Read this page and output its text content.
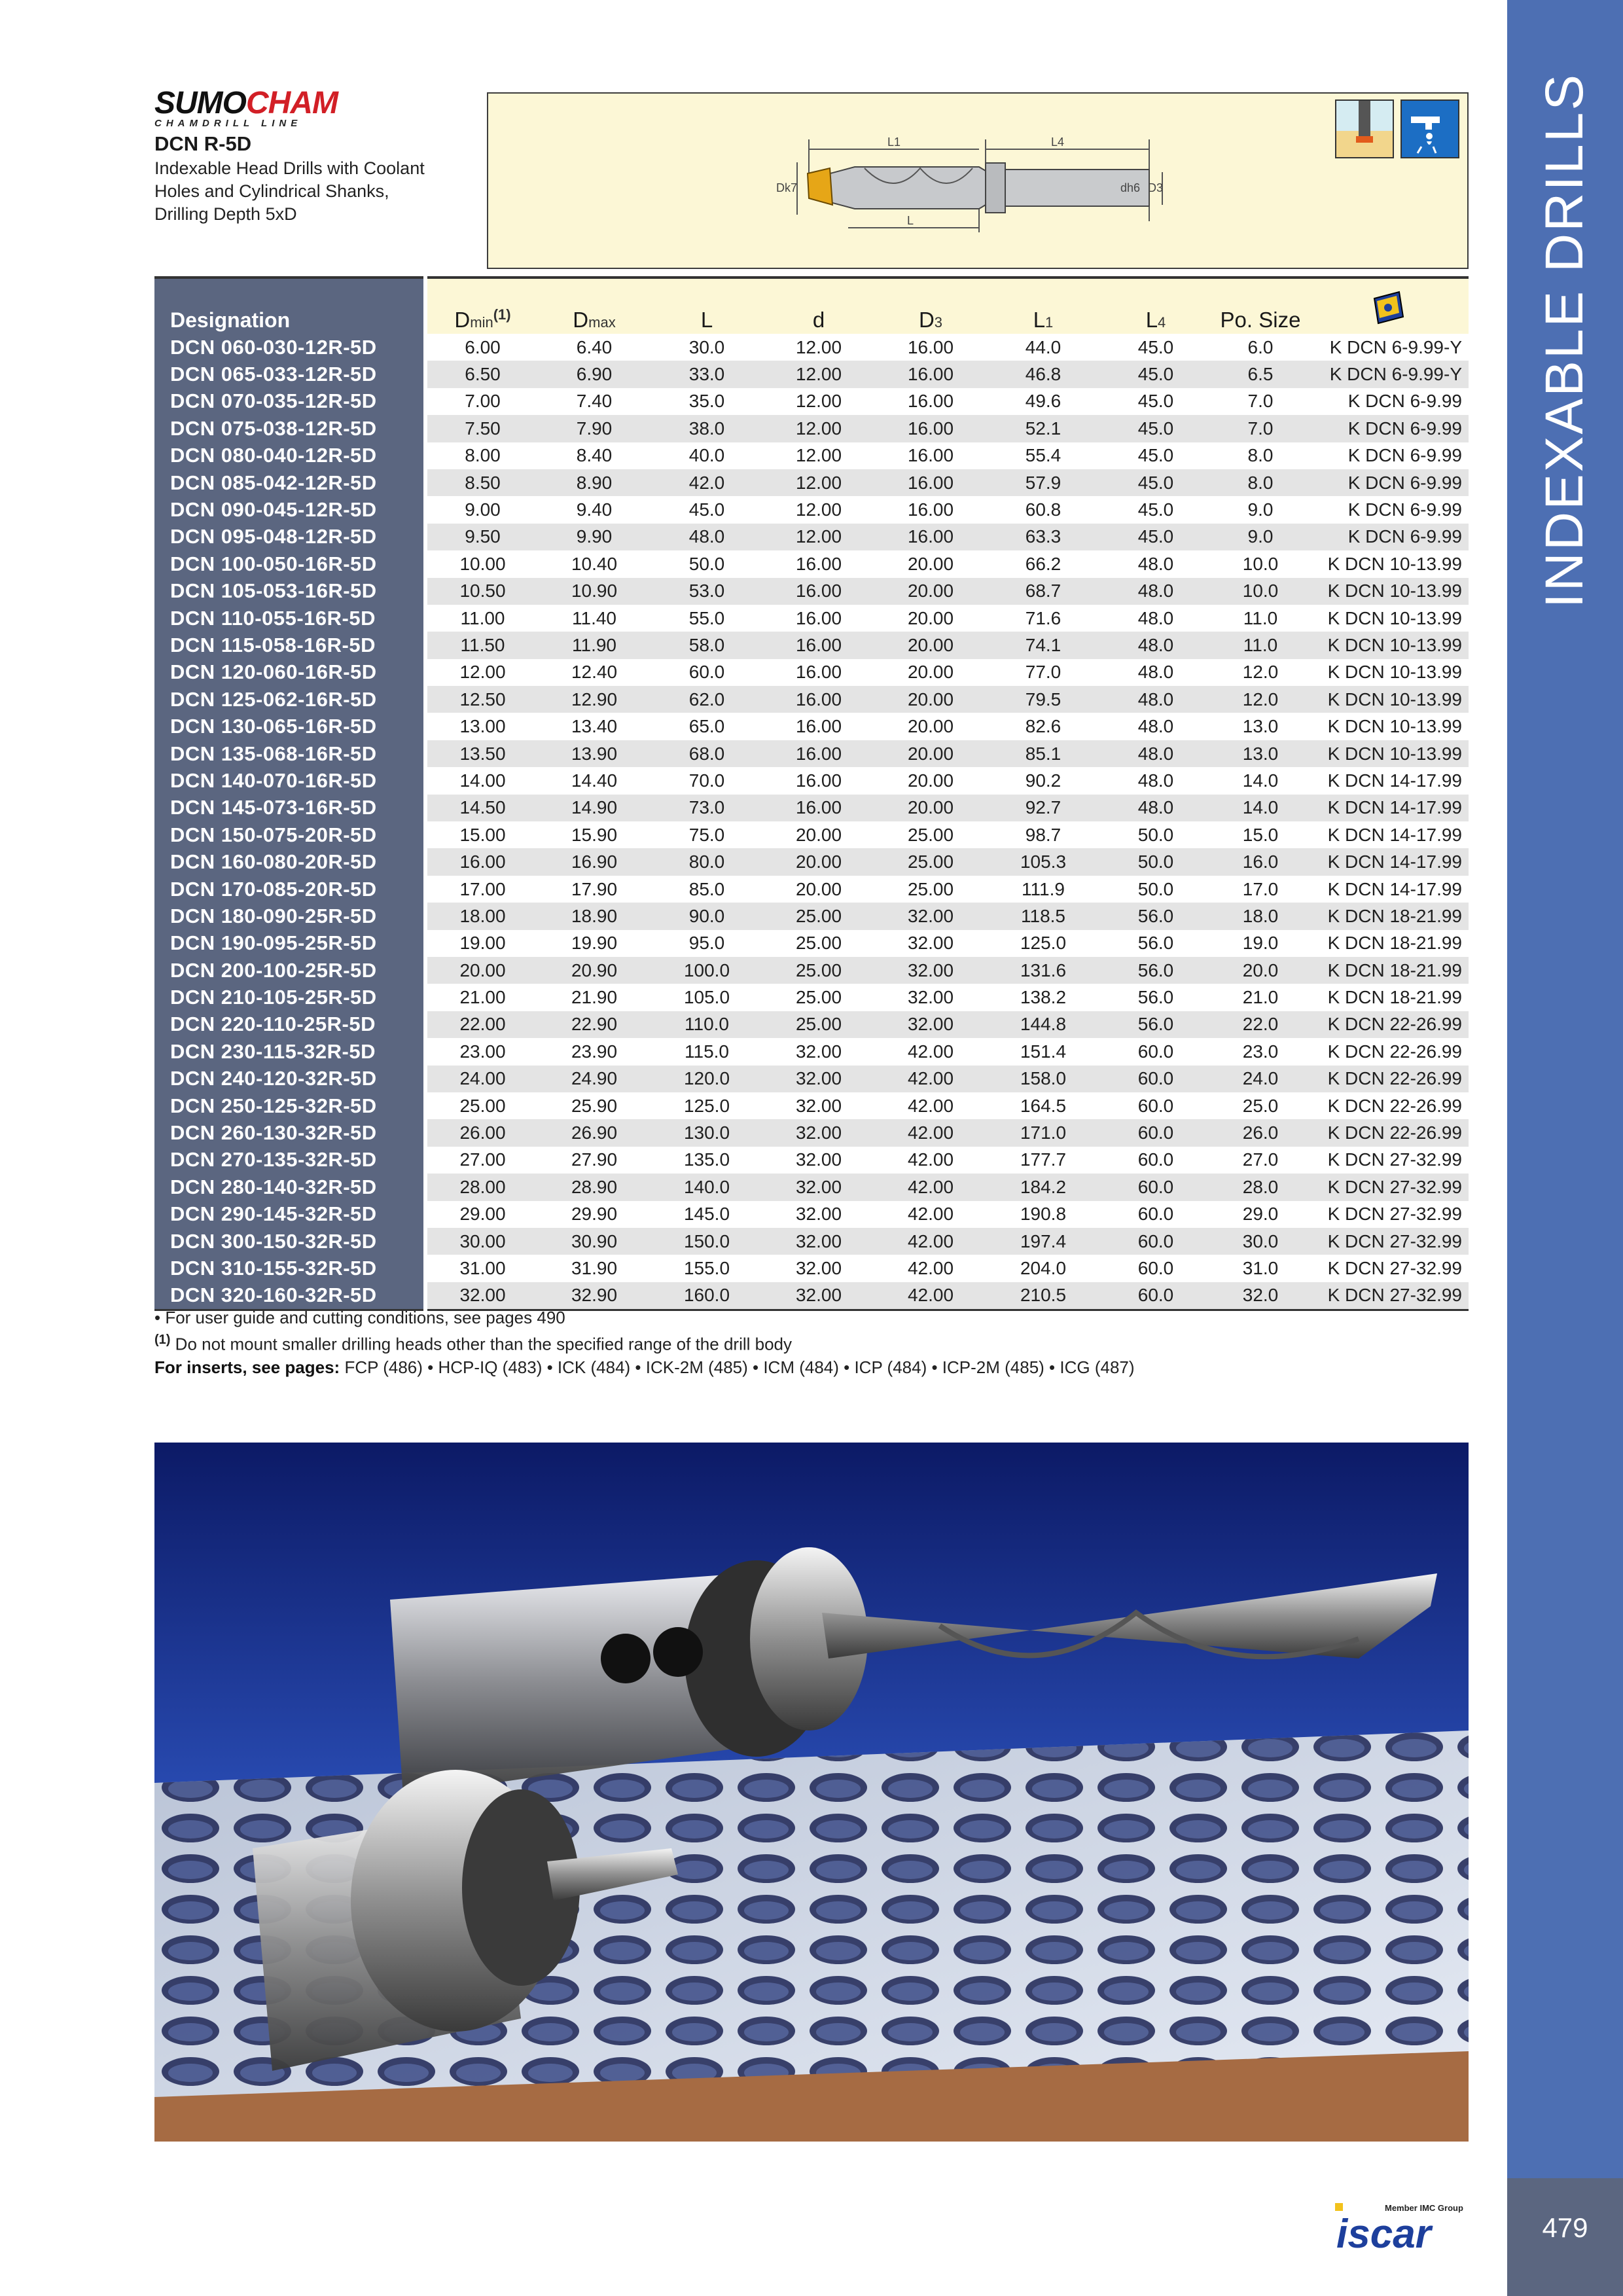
INDEXABLE DRILLS
479
SUMOCHAM
CHAMDRILL LINE
DCN R-5D
Indexable Head Drills with Coolant Holes and Cylindrical Shanks, Drilling Depth 5xD
L1	L4
L
Dk7	dh6 D3
Designation	Dmin$^{(1)}$	Dmax	L	d	D3	L1	L4	Po. Size	
DCN 060-030-12R-5D	6.00	6.40	30.0	12.00	16.00	44.0	45.0	6.0	K DCN 6-9.99-Y
DCN 065-033-12R-5D	6.50	6.90	33.0	12.00	16.00	46.8	45.0	6.5	K DCN 6-9.99-Y
DCN 070-035-12R-5D	7.00	7.40	35.0	12.00	16.00	49.6	45.0	7.0	K DCN 6-9.99
DCN 075-038-12R-5D	7.50	7.90	38.0	12.00	16.00	52.1	45.0	7.0	K DCN 6-9.99
DCN 080-040-12R-5D	8.00	8.40	40.0	12.00	16.00	55.4	45.0	8.0	K DCN 6-9.99
DCN 085-042-12R-5D	8.50	8.90	42.0	12.00	16.00	57.9	45.0	8.0	K DCN 6-9.99
DCN 090-045-12R-5D	9.00	9.40	45.0	12.00	16.00	60.8	45.0	9.0	K DCN 6-9.99
DCN 095-048-12R-5D	9.50	9.90	48.0	12.00	16.00	63.3	45.0	9.0	K DCN 6-9.99
DCN 100-050-16R-5D	10.00	10.40	50.0	16.00	20.00	66.2	48.0	10.0	K DCN 10-13.99
DCN 105-053-16R-5D	10.50	10.90	53.0	16.00	20.00	68.7	48.0	10.0	K DCN 10-13.99
DCN 110-055-16R-5D	11.00	11.40	55.0	16.00	20.00	71.6	48.0	11.0	K DCN 10-13.99
DCN 115-058-16R-5D	11.50	11.90	58.0	16.00	20.00	74.1	48.0	11.0	K DCN 10-13.99
DCN 120-060-16R-5D	12.00	12.40	60.0	16.00	20.00	77.0	48.0	12.0	K DCN 10-13.99
DCN 125-062-16R-5D	12.50	12.90	62.0	16.00	20.00	79.5	48.0	12.0	K DCN 10-13.99
DCN 130-065-16R-5D	13.00	13.40	65.0	16.00	20.00	82.6	48.0	13.0	K DCN 10-13.99
DCN 135-068-16R-5D	13.50	13.90	68.0	16.00	20.00	85.1	48.0	13.0	K DCN 10-13.99
DCN 140-070-16R-5D	14.00	14.40	70.0	16.00	20.00	90.2	48.0	14.0	K DCN 14-17.99
DCN 145-073-16R-5D	14.50	14.90	73.0	16.00	20.00	92.7	48.0	14.0	K DCN 14-17.99
DCN 150-075-20R-5D	15.00	15.90	75.0	20.00	25.00	98.7	50.0	15.0	K DCN 14-17.99
DCN 160-080-20R-5D	16.00	16.90	80.0	20.00	25.00	105.3	50.0	16.0	K DCN 14-17.99
DCN 170-085-20R-5D	17.00	17.90	85.0	20.00	25.00	111.9	50.0	17.0	K DCN 14-17.99
DCN 180-090-25R-5D	18.00	18.90	90.0	25.00	32.00	118.5	56.0	18.0	K DCN 18-21.99
DCN 190-095-25R-5D	19.00	19.90	95.0	25.00	32.00	125.0	56.0	19.0	K DCN 18-21.99
DCN 200-100-25R-5D	20.00	20.90	100.0	25.00	32.00	131.6	56.0	20.0	K DCN 18-21.99
DCN 210-105-25R-5D	21.00	21.90	105.0	25.00	32.00	138.2	56.0	21.0	K DCN 18-21.99
DCN 220-110-25R-5D	22.00	22.90	110.0	25.00	32.00	144.8	56.0	22.0	K DCN 22-26.99
DCN 230-115-32R-5D	23.00	23.90	115.0	32.00	42.00	151.4	60.0	23.0	K DCN 22-26.99
DCN 240-120-32R-5D	24.00	24.90	120.0	32.00	42.00	158.0	60.0	24.0	K DCN 22-26.99
DCN 250-125-32R-5D	25.00	25.90	125.0	32.00	42.00	164.5	60.0	25.0	K DCN 22-26.99
DCN 260-130-32R-5D	26.00	26.90	130.0	32.00	42.00	171.0	60.0	26.0	K DCN 22-26.99
DCN 270-135-32R-5D	27.00	27.90	135.0	32.00	42.00	177.7	60.0	27.0	K DCN 27-32.99
DCN 280-140-32R-5D	28.00	28.90	140.0	32.00	42.00	184.2	60.0	28.0	K DCN 27-32.99
DCN 290-145-32R-5D	29.00	29.90	145.0	32.00	42.00	190.8	60.0	29.0	K DCN 27-32.99
DCN 300-150-32R-5D	30.00	30.90	150.0	32.00	42.00	197.4	60.0	30.0	K DCN 27-32.99
DCN 310-155-32R-5D	31.00	31.90	155.0	32.00	42.00	204.0	60.0	31.0	K DCN 27-32.99
DCN 320-160-32R-5D	32.00	32.90	160.0	32.00	42.00	210.5	60.0	32.0	K DCN 27-32.99
• For user guide and cutting conditions, see pages 490
$^{(1)}$ Do not mount smaller drilling heads other than the specified range of the drill body
For inserts, see pages: FCP (486) • HCP-IQ (483) • ICK (484) • ICK-2M (485) • ICM (484) • ICP (484) • ICP-2M (485) • ICG (487)
Member IMC Group
iscar
